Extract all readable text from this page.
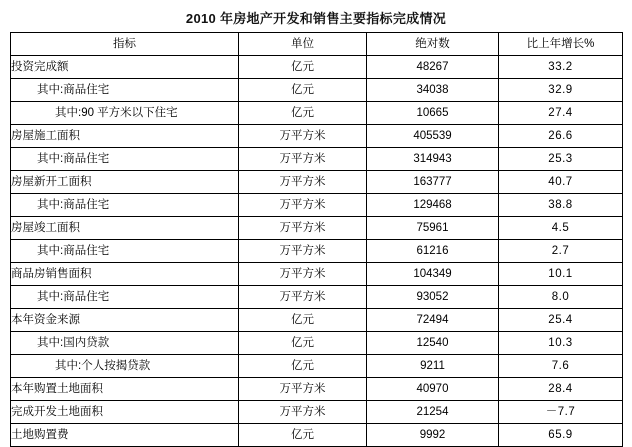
2010 年房地产开发和销售主要指标完成情况
指标	单位	绝对数	比上年增长%
投资完成额	亿元	48267	33.2
其中:商品住宅	亿元	34038	32.9
其中:90 平方米以下住宅	亿元	10665	27.4
房屋施工面积	万平方米	405539	26.6
其中:商品住宅	万平方米	314943	25.3
房屋新开工面积	万平方米	163777	40.7
其中:商品住宅	万平方米	129468	38.8
房屋竣工面积	万平方米	75961	4.5
其中:商品住宅	万平方米	61216	2.7
商品房销售面积	万平方米	104349	10.1
其中:商品住宅	万平方米	93052	8.0
本年资金来源	亿元	72494	25.4
其中:国内贷款	亿元	12540	10.3
其中:个人按揭贷款	亿元	9211	7.6
本年购置土地面积	万平方米	40970	28.4
完成开发土地面积	万平方米	21254	－7.7
土地购置费	亿元	9992	65.9
